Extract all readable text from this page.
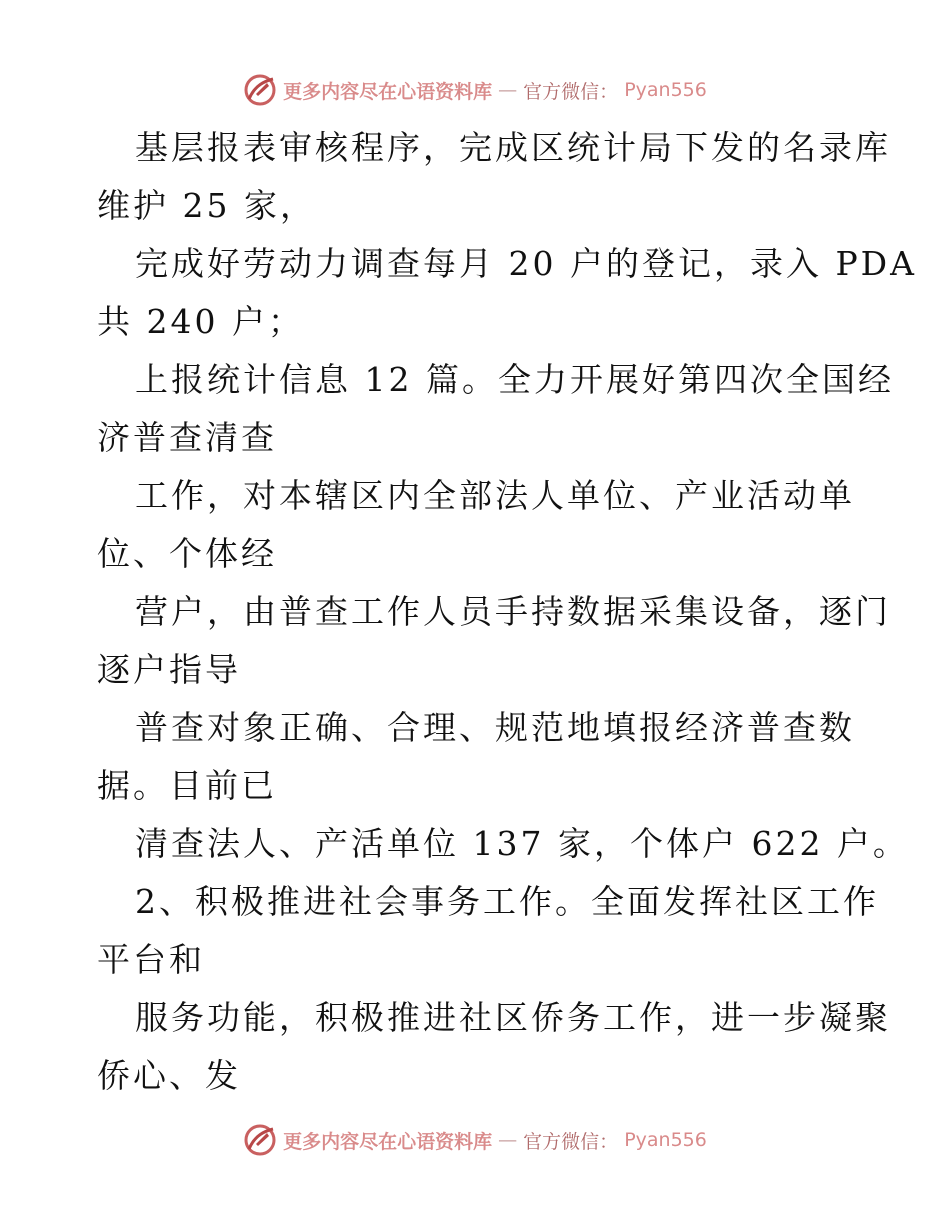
更多内容尽在心语资料库 — 官方微信： Pyan556
基层报表审核程序，完成区统计局下发的名录库
维护 25 家，
完成好劳动力调查每月 20 户的登记，录入 PDA
共 240 户；
上报统计信息 12 篇。全力开展好第四次全国经
济普查清查
工作，对本辖区内全部法人单位、产业活动单
位、个体经
营户，由普查工作人员手持数据采集设备，逐门
逐户指导
普查对象正确、合理、规范地填报经济普查数
据。目前已
清查法人、产活单位 137 家，个体户 622 户。
2、积极推进社会事务工作。全面发挥社区工作
平台和
服务功能，积极推进社区侨务工作，进一步凝聚
侨心、发
更多内容尽在心语资料库 — 官方微信： Pyan556
